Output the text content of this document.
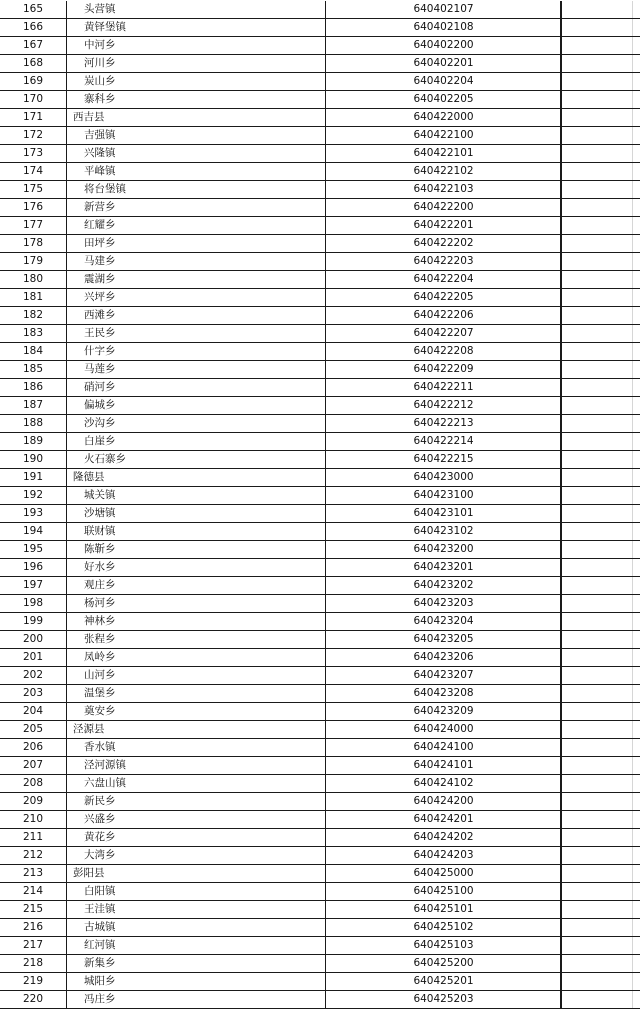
165	头营镇	640402107
166	黄铎堡镇	640402108
167	中河乡	640402200
168	河川乡	640402201
169	炭山乡	640402204
170	寨科乡	640402205
171	西吉县	640422000
172	吉强镇	640422100
173	兴隆镇	640422101
174	平峰镇	640422102
175	将台堡镇	640422103
176	新营乡	640422200
177	红耀乡	640422201
178	田坪乡	640422202
179	马建乡	640422203
180	震湖乡	640422204
181	兴坪乡	640422205
182	西滩乡	640422206
183	王民乡	640422207
184	什字乡	640422208
185	马莲乡	640422209
186	硝河乡	640422211
187	偏城乡	640422212
188	沙沟乡	640422213
189	白崖乡	640422214
190	火石寨乡	640422215
191	隆德县	640423000
192	城关镇	640423100
193	沙塘镇	640423101
194	联财镇	640423102
195	陈靳乡	640423200
196	好水乡	640423201
197	观庄乡	640423202
198	杨河乡	640423203
199	神林乡	640423204
200	张程乡	640423205
201	凤岭乡	640423206
202	山河乡	640423207
203	温堡乡	640423208
204	奠安乡	640423209
205	泾源县	640424000
206	香水镇	640424100
207	泾河源镇	640424101
208	六盘山镇	640424102
209	新民乡	640424200
210	兴盛乡	640424201
211	黄花乡	640424202
212	大湾乡	640424203
213	彭阳县	640425000
214	白阳镇	640425100
215	王洼镇	640425101
216	古城镇	640425102
217	红河镇	640425103
218	新集乡	640425200
219	城阳乡	640425201
220	冯庄乡	640425203
